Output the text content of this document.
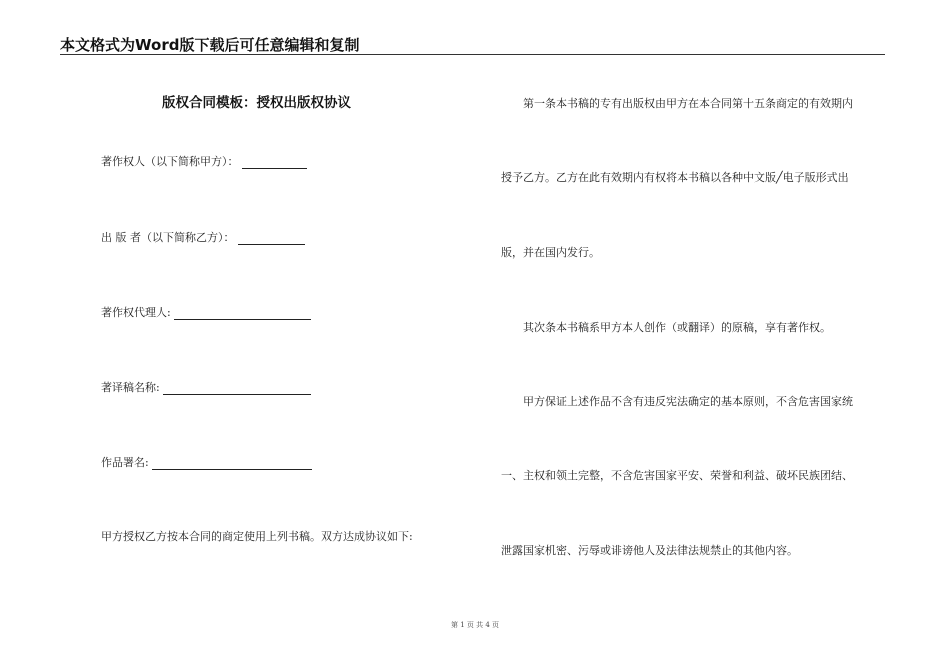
本文格式为Word版下载后可任意编辑和复制
版权合同模板：授权出版权协议
著作权人（以下简称甲方）：
出 版 者（以下简称乙方）：
著作权代理人:
著译稿名称:
作品署名:
甲方授权乙方按本合同的商定使用上列书稿。双方达成协议如下:
第一条本书稿的专有出版权由甲方在本合同第十五条商定的有效期内
授予乙方。乙方在此有效期内有权将本书稿以各种中文版╱电子版形式出
版，并在国内发行。
其次条本书稿系甲方本人创作（或翻译）的原稿，享有著作权。
甲方保证上述作品不含有违反宪法确定的基本原则，不含危害国家统
一、主权和领土完整，不含危害国家平安、荣誉和利益、破坏民族团结、
泄露国家机密、污辱或诽谤他人及法律法规禁止的其他内容。
第 1 页 共 4 页
